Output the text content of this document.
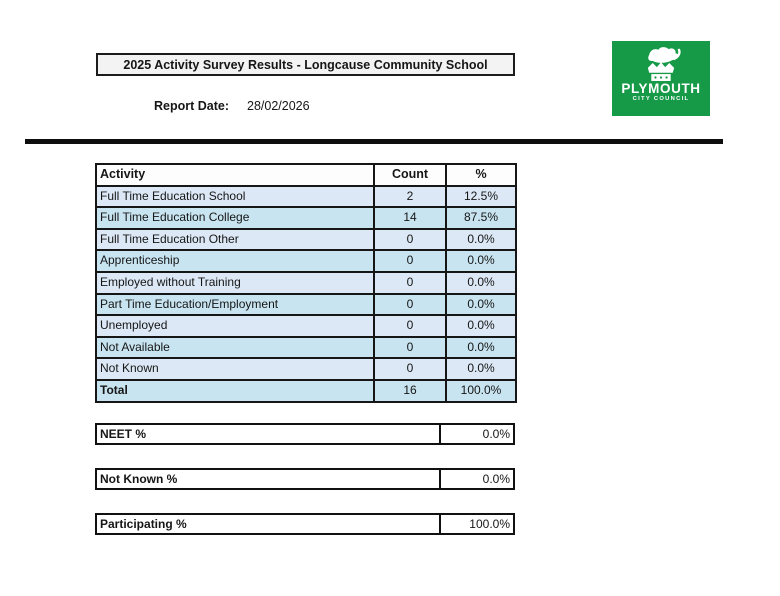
2025 Activity Survey Results - Longcause Community School
Report Date: 28/02/2026
PLYMOUTH
CITY COUNCIL
Activity	Count	%
Full Time Education School	2	12.5%
Full Time Education College	14	87.5%
Full Time Education Other	0	0.0%
Apprenticeship	0	0.0%
Employed without Training	0	0.0%
Part Time Education/Employment	0	0.0%
Unemployed	0	0.0%
Not Available	0	0.0%
Not Known	0	0.0%
Total	16	100.0%
NEET %	0.0%
Not Known %	0.0%
Participating %	100.0%
